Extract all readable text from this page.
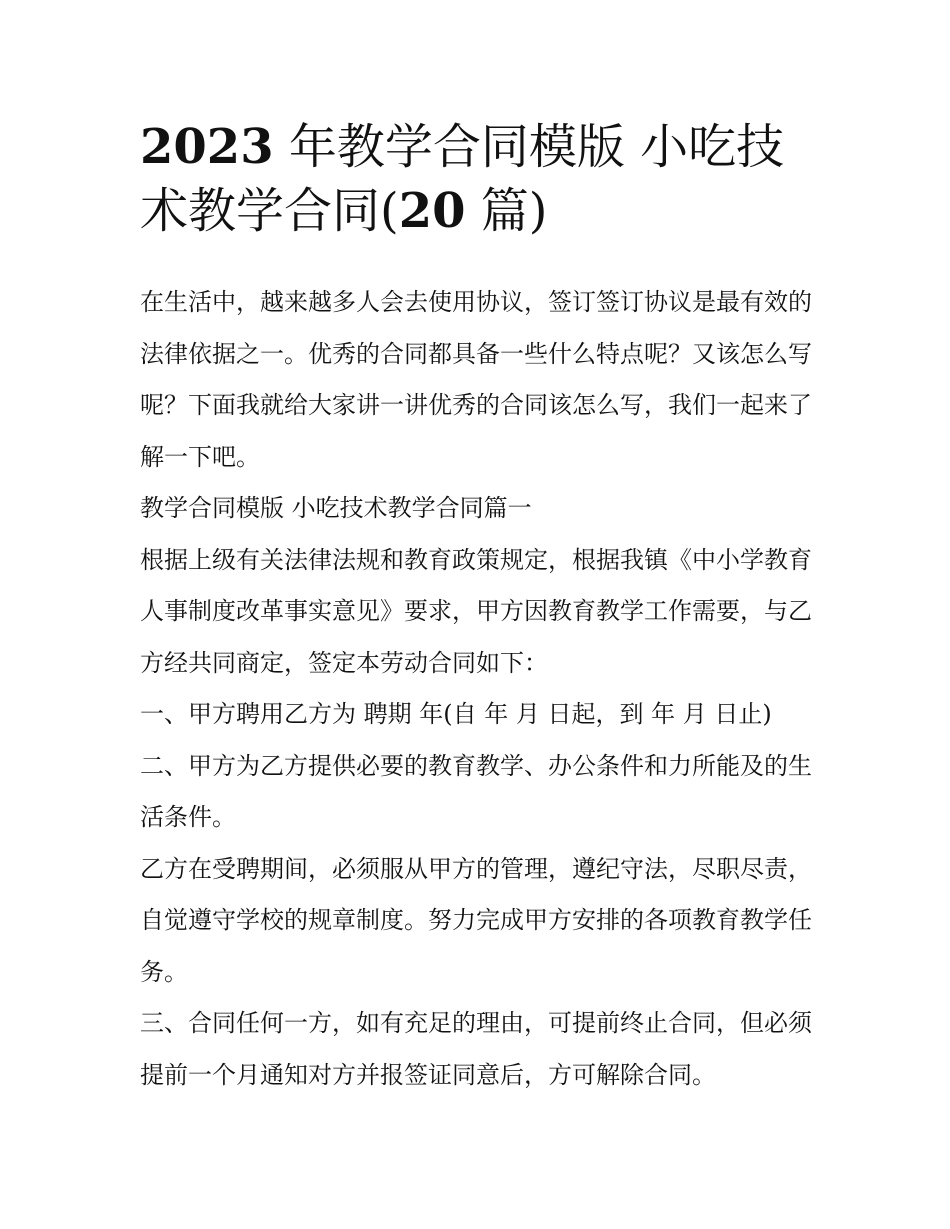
2023 年教学合同模版 小吃技术教学合同(20 篇)

在生活中，越来越多人会去使用协议，签订签订协议是最有效的法律依据之一。优秀的合同都具备一些什么特点呢？又该怎么写呢？下面我就给大家讲一讲优秀的合同该怎么写，我们一起来了解一下吧。

教学合同模版 小吃技术教学合同篇一

根据上级有关法律法规和教育政策规定，根据我镇《中小学教育人事制度改革事实意见》要求，甲方因教育教学工作需要，与乙方经共同商定，签定本劳动合同如下：

一、甲方聘用乙方为 聘期 年(自 年 月 日起，到 年 月 日止)

二、甲方为乙方提供必要的教育教学、办公条件和力所能及的生活条件。

乙方在受聘期间，必须服从甲方的管理，遵纪守法，尽职尽责，自觉遵守学校的规章制度。努力完成甲方安排的各项教育教学任务。

三、合同任何一方，如有充足的理由，可提前终止合同，但必须提前一个月通知对方并报签证同意后，方可解除合同。
